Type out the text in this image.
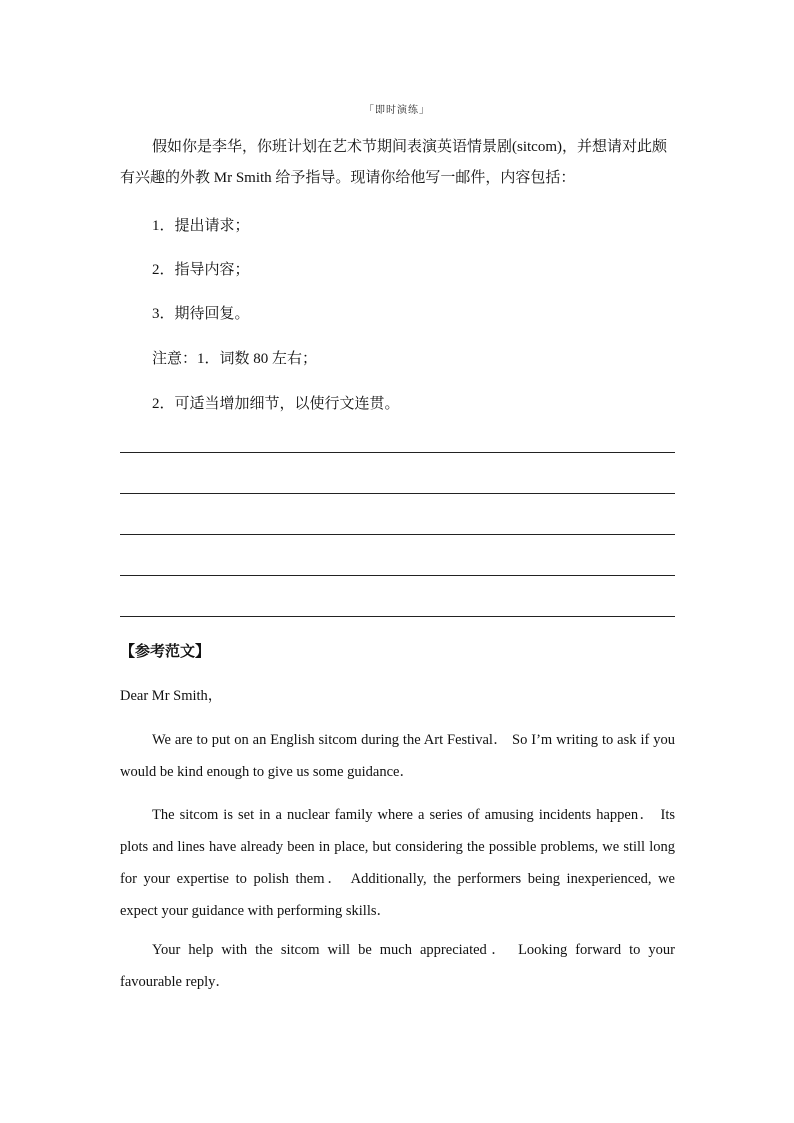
「即时演练」
假如你是李华，你班计划在艺术节期间表演英语情景剧(sitcom)，并想请对此颇有兴趣的外教 Mr Smith 给予指导。现请你给他写一邮件，内容包括：
1．提出请求；
2．指导内容；
3．期待回复。
注意：1．词数 80 左右；
2．可适当增加细节，以使行文连贯。
【参考范文】
Dear Mr Smith，
We are to put on an English sitcom during the Art Festival． So I’m writing to ask if you would be kind enough to give us some guidance．
The sitcom is set in a nuclear family where a series of amusing incidents happen． Its plots and lines have already been in place, but considering the possible problems, we still long for your expertise to polish them． Additionally, the performers being inexperienced, we expect your guidance with performing skills．
Your help with the sitcom will be much appreciated． Looking forward to your favourable reply．
